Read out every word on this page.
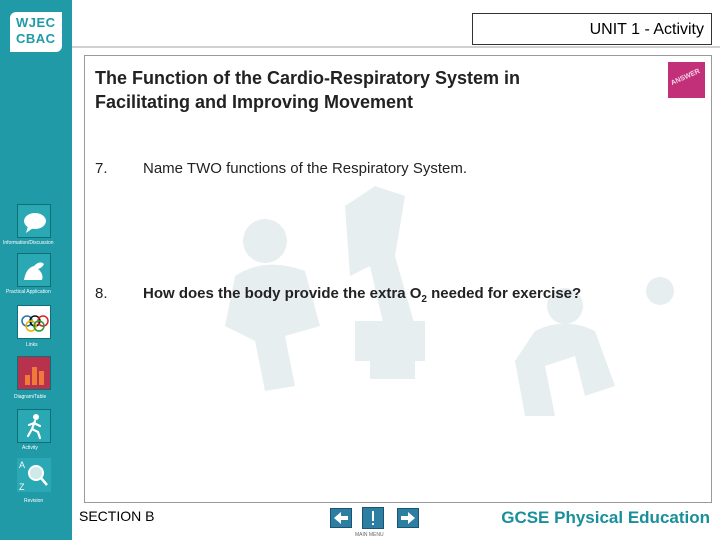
WJEC
CBAC
Information/Discussion
Practical Application
Links
Diagram/Table
Activity
A
Z
Revision
UNIT 1 - Activity
The Function of the Cardio-Respiratory System in
Facilitating and Improving Movement
ANSWER
7. Name TWO functions of the Respiratory System.
8. How does the body provide the extra $O_2$ needed for exercise?
SECTION B
MAIN MENU
GCSE Physical Education
